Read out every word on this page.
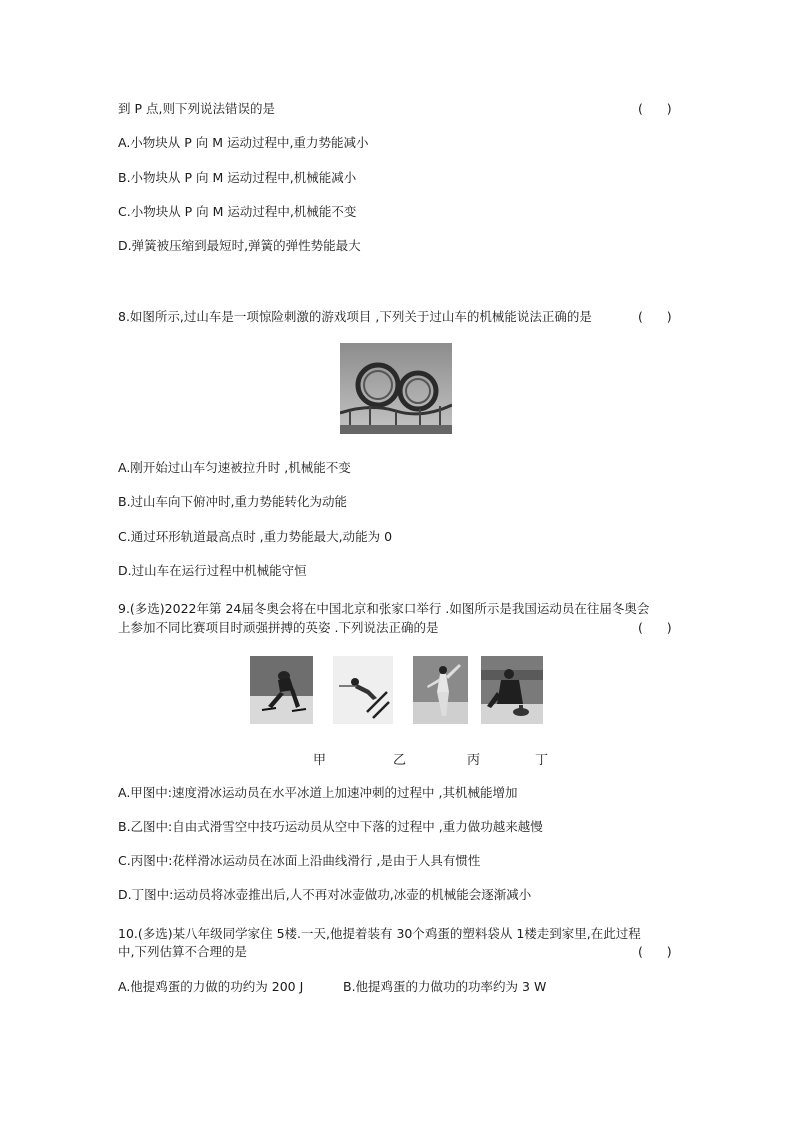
到 P 点,则下列说法错误的是	(      )
A.小物块从 P 向 M 运动过程中,重力势能减小
B.小物块从 P 向 M 运动过程中,机械能减小
C.小物块从 P 向 M 运动过程中,机械能不变
D.弹簧被压缩到最短时,弹簧的弹性势能最大
8.如图所示,过山车是一项惊险刺激的游戏项目 ,下列关于过山车的机械能说法正确的是	(      )
A.刚开始过山车匀速被拉升时 ,机械能不变
B.过山车向下俯冲时,重力势能转化为动能
C.通过环形轨道最高点时 ,重力势能最大,动能为 0
D.过山车在运行过程中机械能守恒
9.(多选)2022年第 24届冬奥会将在中国北京和张家口举行 .如图所示是我国运动员在往届冬奥会
上参加不同比赛项目时顽强拼搏的英姿 .下列说法正确的是	(      )
甲	乙	丙	丁
A.甲图中:速度滑冰运动员在水平冰道上加速冲刺的过程中 ,其机械能增加
B.乙图中:自由式滑雪空中技巧运动员从空中下落的过程中 ,重力做功越来越慢
C.丙图中:花样滑冰运动员在冰面上沿曲线滑行 ,是由于人具有惯性
D.丁图中:运动员将冰壶推出后,人不再对冰壶做功,冰壶的机械能会逐渐减小
10.(多选)某八年级同学家住 5楼.一天,他提着装有 30个鸡蛋的塑料袋从 1楼走到家里,在此过程
中,下列估算不合理的是	(      )
A.他提鸡蛋的力做的功约为 200 J	B.他提鸡蛋的力做功的功率约为 3 W
